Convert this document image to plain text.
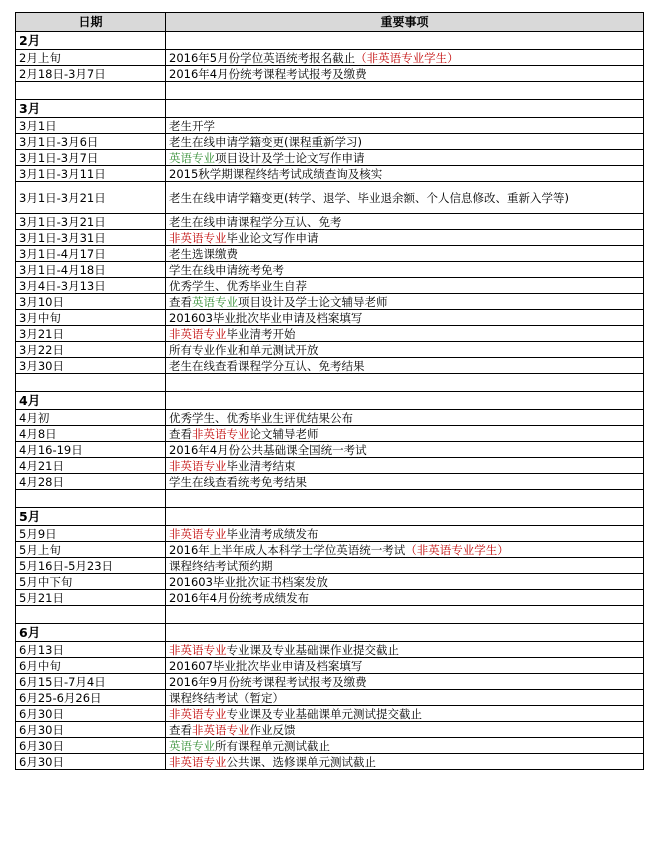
日期	重要事项
2月	
2月上旬	2016年5月份学位英语统考报名截止（非英语专业学生）
2月18日-3月7日	2016年4月份统考课程考试报考及缴费

3月	
3月1日	老生开学
3月1日-3月6日	老生在线申请学籍变更(课程重新学习)
3月1日-3月7日	英语专业项目设计及学士论文写作申请
3月1日-3月11日	2015秋学期课程终结考试成绩查询及核实
3月1日-3月21日	老生在线申请学籍变更(转学、退学、毕业退余额、个人信息修改、重新入学等)
3月1日-3月21日	老生在线申请课程学分互认、免考
3月1日-3月31日	非英语专业毕业论文写作申请
3月1日-4月17日	老生选课缴费
3月1日-4月18日	学生在线申请统考免考
3月4日-3月13日	优秀学生、优秀毕业生自荐
3月10日	查看英语专业项目设计及学士论文辅导老师
3月中旬	201603毕业批次毕业申请及档案填写
3月21日	非英语专业毕业清考开始
3月22日	所有专业作业和单元测试开放
3月30日	老生在线查看课程学分互认、免考结果

4月	
4月初	优秀学生、优秀毕业生评优结果公布
4月8日	查看非英语专业论文辅导老师
4月16-19日	2016年4月份公共基础课全国统一考试
4月21日	非英语专业毕业清考结束
4月28日	学生在线查看统考免考结果

5月	
5月9日	非英语专业毕业清考成绩发布
5月上旬	2016年上半年成人本科学士学位英语统一考试（非英语专业学生）
5月16日-5月23日	课程终结考试预约期
5月中下旬	201603毕业批次证书档案发放
5月21日	2016年4月份统考成绩发布

6月	
6月13日	非英语专业专业课及专业基础课作业提交截止
6月中旬	201607毕业批次毕业申请及档案填写
6月15日-7月4日	2016年9月份统考课程考试报考及缴费
6月25-6月26日	课程终结考试（暂定）
6月30日	非英语专业专业课及专业基础课单元测试提交截止
6月30日	查看非英语专业作业反馈
6月30日	英语专业所有课程单元测试截止
6月30日	非英语专业公共课、选修课单元测试截止
